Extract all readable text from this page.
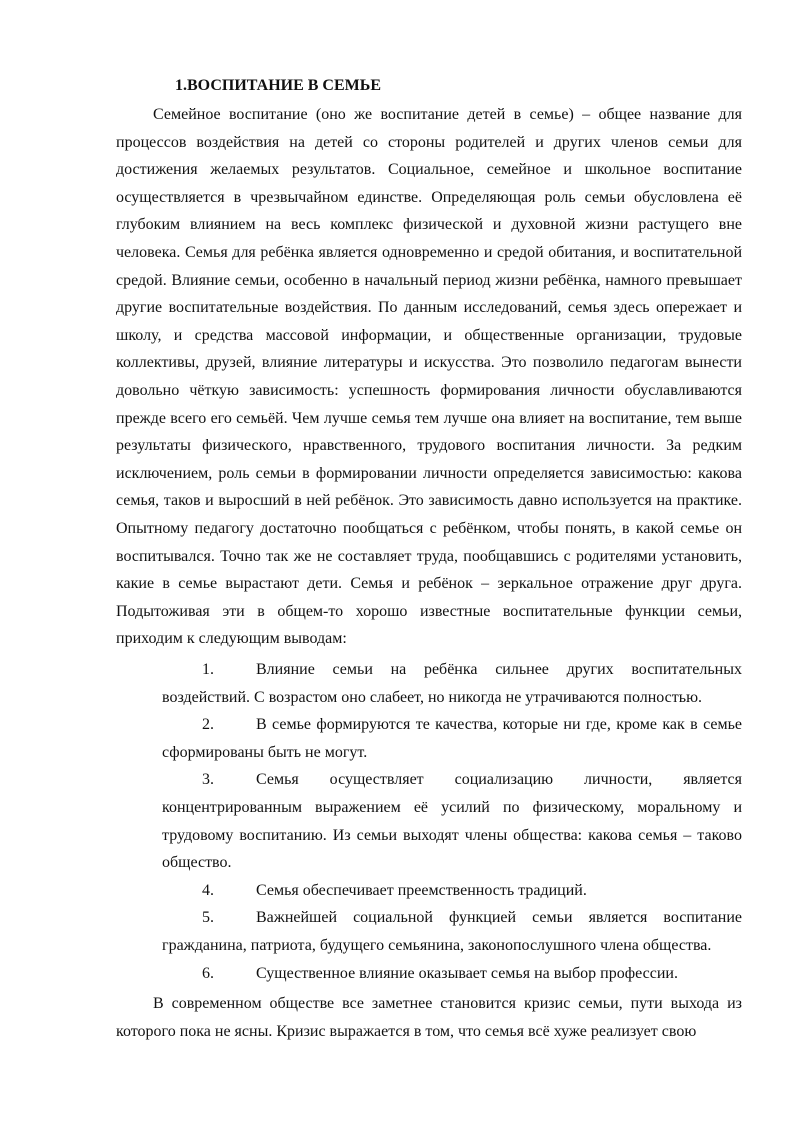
1.ВОСПИТАНИЕ В СЕМЬЕ

Семейное воспитание (оно же воспитание детей в семье) – общее название для процессов воздействия на детей со стороны родителей и других членов семьи для достижения желаемых результатов. Социальное, семейное и школьное воспитание осуществляется в чрезвычайном единстве. Определяющая роль семьи обусловлена её глубоким влиянием на весь комплекс физической и духовной жизни растущего вне человека. Семья для ребёнка является одновременно и средой обитания, и воспитательной средой. Влияние семьи, особенно в начальный период жизни ребёнка, намного превышает другие воспитательные воздействия. По данным исследований, семья здесь опережает и школу, и средства массовой информации, и общественные организации, трудовые коллективы, друзей, влияние литературы и искусства. Это позволило педагогам вынести довольно чёткую зависимость: успешность формирования личности обуславливаются прежде всего его семьёй. Чем лучше семья тем лучше она влияет на воспитание, тем выше результаты физического, нравственного, трудового воспитания личности. За редким исключением, роль семьи в формировании личности определяется зависимостью: какова семья, таков и выросший в ней ребёнок. Это зависимость давно используется на практике. Опытному педагогу достаточно пообщаться с ребёнком, чтобы понять, в какой семье он воспитывался. Точно так же не составляет труда, пообщавшись с родителями установить, какие в семье вырастают дети. Семья и ребёнок – зеркальное отражение друг друга. Подытоживая эти в общем-то хорошо известные воспитательные функции семьи, приходим к следующим выводам:

1.	Влияние семьи на ребёнка сильнее других воспитательных воздействий. С возрастом оно слабеет, но никогда не утрачиваются полностью.
2.	В семье формируются те качества, которые ни где, кроме как в семье сформированы быть не могут.
3.	Семья осуществляет социализацию личности, является концентрированным выражением её усилий по физическому, моральному и трудовому воспитанию. Из семьи выходят члены общества: какова семья – таково общество.
4.	Семья обеспечивает преемственность традиций.
5.	Важнейшей социальной функцией семьи является воспитание гражданина, патриота, будущего семьянина, законопослушного члена общества.
6.	Существенное влияние оказывает семья на выбор профессии.

В современном обществе все заметнее становится кризис семьи, пути выхода из которого пока не ясны. Кризис выражается в том, что семья всё хуже реализует свою
